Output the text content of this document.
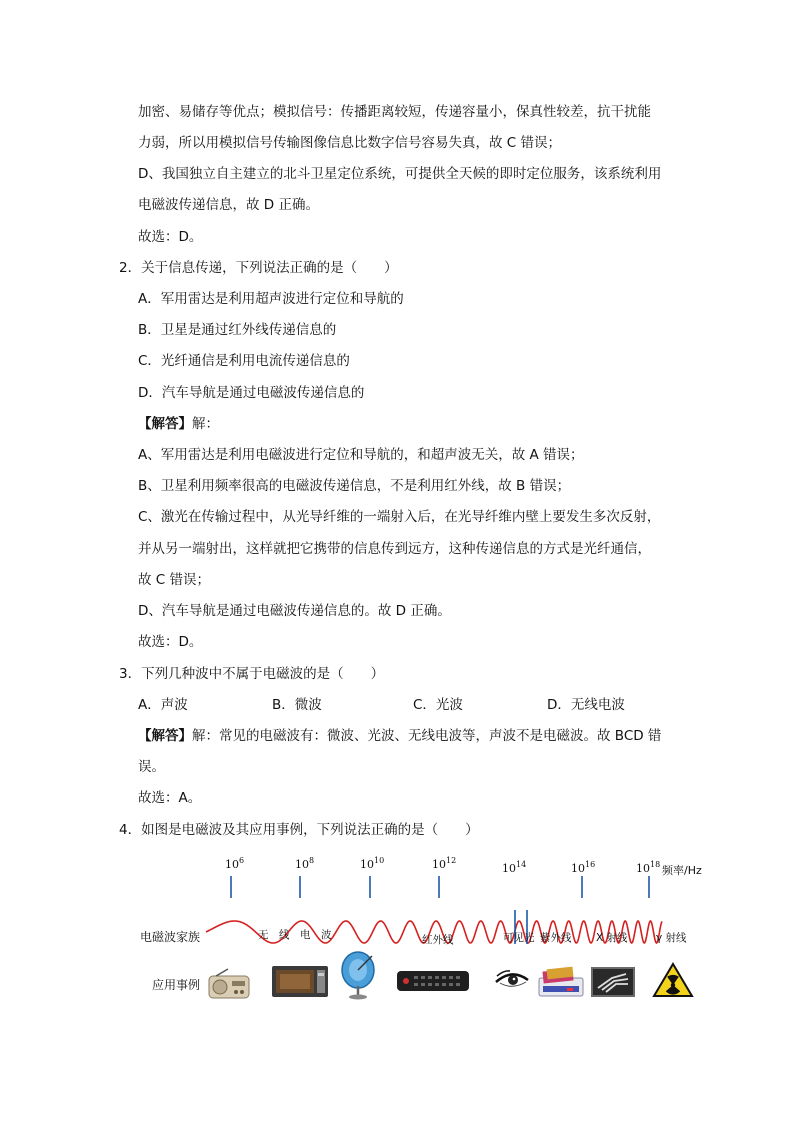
加密、易储存等优点；模拟信号：传播距离较短，传递容量小，保真性较差，抗干扰能
力弱，所以用模拟信号传输图像信息比数字信号容易失真，故 C 错误；
D、我国独立自主建立的北斗卫星定位系统，可提供全天候的即时定位服务，该系统利用
电磁波传递信息，故 D 正确。
故选：D。
2．关于信息传递，下列说法正确的是（　　）
A．军用雷达是利用超声波进行定位和导航的
B．卫星是通过红外线传递信息的
C．光纤通信是利用电流传递信息的
D．汽车导航是通过电磁波传递信息的
【解答】解：
A、军用雷达是利用电磁波进行定位和导航的，和超声波无关，故 A 错误；
B、卫星利用频率很高的电磁波传递信息，不是利用红外线，故 B 错误；
C、激光在传输过程中，从光导纤维的一端射入后，在光导纤维内壁上要发生多次反射，
并从另一端射出，这样就把它携带的信息传到远方，这种传递信息的方式是光纤通信，
故 C 错误；
D、汽车导航是通过电磁波传递信息的。故 D 正确。
故选：D。
3．下列几种波中不属于电磁波的是（　　）
A．声波	B．微波	C．光波	D．无线电波
【解答】解：常见的电磁波有：微波、光波、无线电波等，声波不是电磁波。故 BCD 错
误。
故选：A。
4．如图是电磁波及其应用事例，下列说法正确的是（　　）
$10^6$	$10^8$	$10^{10}$	$10^{12}$
$10^{14}$	$10^{16}$	$10^{18}$ 频率/Hz
电磁波家族
应用事例
无　线　电　波	红外线	可见光 紫外线 X 射线	γ 射线
